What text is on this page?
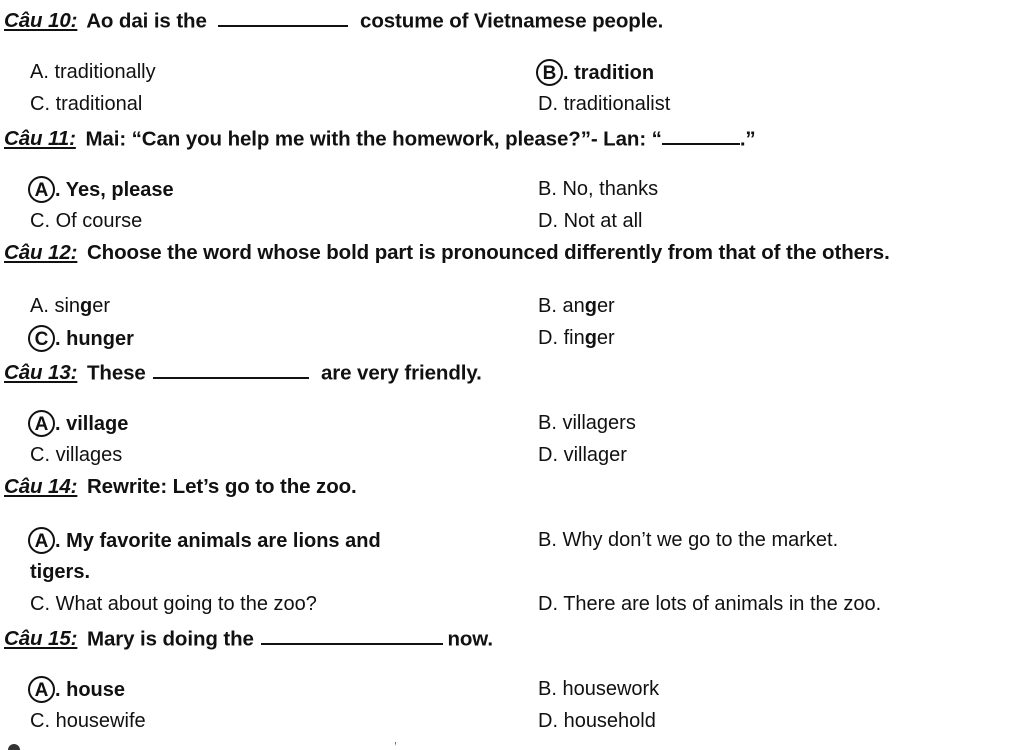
Câu 10: Ao dai is the	costume of Vietnamese people.
A. traditionally	B . tradition
C. traditional	D. traditionalist
Câu 11: Mai: “Can you help me with the homework, please?”- Lan: “	.”
A . Yes, please	B. No, thanks
C. Of course	D. Not at all
Câu 12: Choose the word whose bold part is pronounced differently from that of the others.
A. singer	B. anger
C . hunger	D. finger
Câu 13: These	are very friendly.
A . village	B. villagers
C. villages	D. villager
Câu 14: Rewrite: Let’s go to the zoo.
A . My favorite animals are lions and
tigers.
B. Why don’t we go to the market.
C. What about going to the zoo?	D. There are lots of animals in the zoo.
Câu 15: Mary is doing the	now.
A . house	B. housework
C. housewife	D. household
